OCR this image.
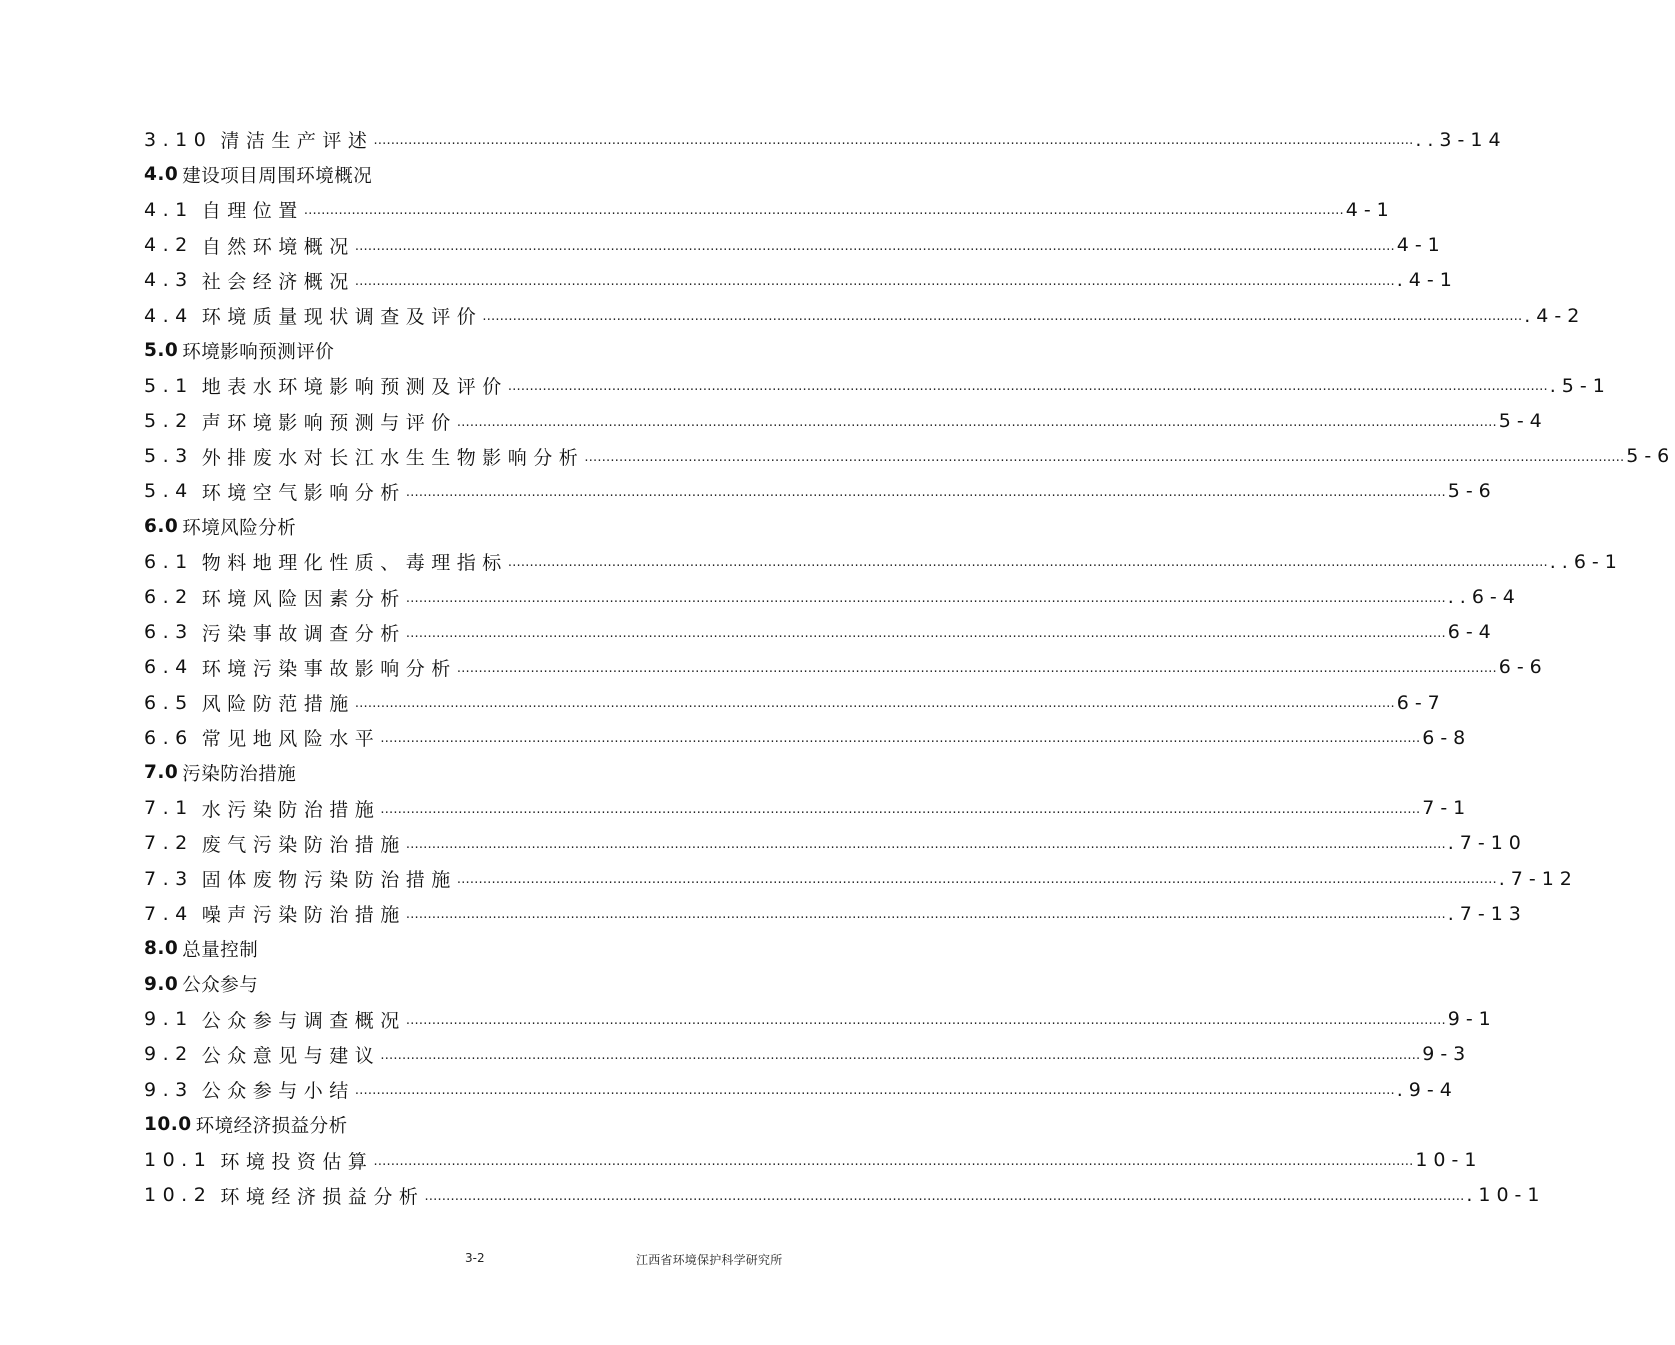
3.10 清洁生产评述 …………………………………………………………………………………………………………………………………………………………………………………………………………………… ..3-14
4.0 建设项目周围环境概况
4.1 自理位置 …………………………………………………………………………………………………………………………………………………………………………………………………………………… 4-1
4.2 自然环境概况 …………………………………………………………………………………………………………………………………………………………………………………………………………………… 4-1
4.3 社会经济概况 …………………………………………………………………………………………………………………………………………………………………………………………………………………… .4-1
4.4 环境质量现状调查及评价 …………………………………………………………………………………………………………………………………………………………………………………………………………………… .4-2
5.0 环境影响预测评价
5.1 地表水环境影响预测及评价 …………………………………………………………………………………………………………………………………………………………………………………………………………………… .5-1
5.2 声环境影响预测与评价 …………………………………………………………………………………………………………………………………………………………………………………………………………………… 5-4
5.3 外排废水对长江水生生物影响分析 …………………………………………………………………………………………………………………………………………………………………………………………………………………… 5-6
5.4 环境空气影响分析 …………………………………………………………………………………………………………………………………………………………………………………………………………………… 5-6
6.0 环境风险分析
6.1 物料地理化性质、毒理指标 …………………………………………………………………………………………………………………………………………………………………………………………………………………… ..6-1
6.2 环境风险因素分析 …………………………………………………………………………………………………………………………………………………………………………………………………………………… ..6-4
6.3 污染事故调查分析 …………………………………………………………………………………………………………………………………………………………………………………………………………………… 6-4
6.4 环境污染事故影响分析 …………………………………………………………………………………………………………………………………………………………………………………………………………………… 6-6
6.5 风险防范措施 …………………………………………………………………………………………………………………………………………………………………………………………………………………… 6-7
6.6 常见地风险水平 …………………………………………………………………………………………………………………………………………………………………………………………………………………… 6-8
7.0 污染防治措施
7.1 水污染防治措施 …………………………………………………………………………………………………………………………………………………………………………………………………………………… 7-1
7.2 废气污染防治措施 …………………………………………………………………………………………………………………………………………………………………………………………………………………… .7-10
7.3 固体废物污染防治措施 …………………………………………………………………………………………………………………………………………………………………………………………………………………… .7-12
7.4 噪声污染防治措施 …………………………………………………………………………………………………………………………………………………………………………………………………………………… .7-13
8.0 总量控制
9.0 公众参与
9.1 公众参与调查概况 …………………………………………………………………………………………………………………………………………………………………………………………………………………… 9-1
9.2 公众意见与建议 …………………………………………………………………………………………………………………………………………………………………………………………………………………… 9-3
9.3 公众参与小结 …………………………………………………………………………………………………………………………………………………………………………………………………………………… .9-4
10.0 环境经济损益分析
10.1 环境投资估算 …………………………………………………………………………………………………………………………………………………………………………………………………………………… 10-1
10.2 环境经济损益分析 …………………………………………………………………………………………………………………………………………………………………………………………………………………… .10-1
3-2	江西省环境保护科学研究所
